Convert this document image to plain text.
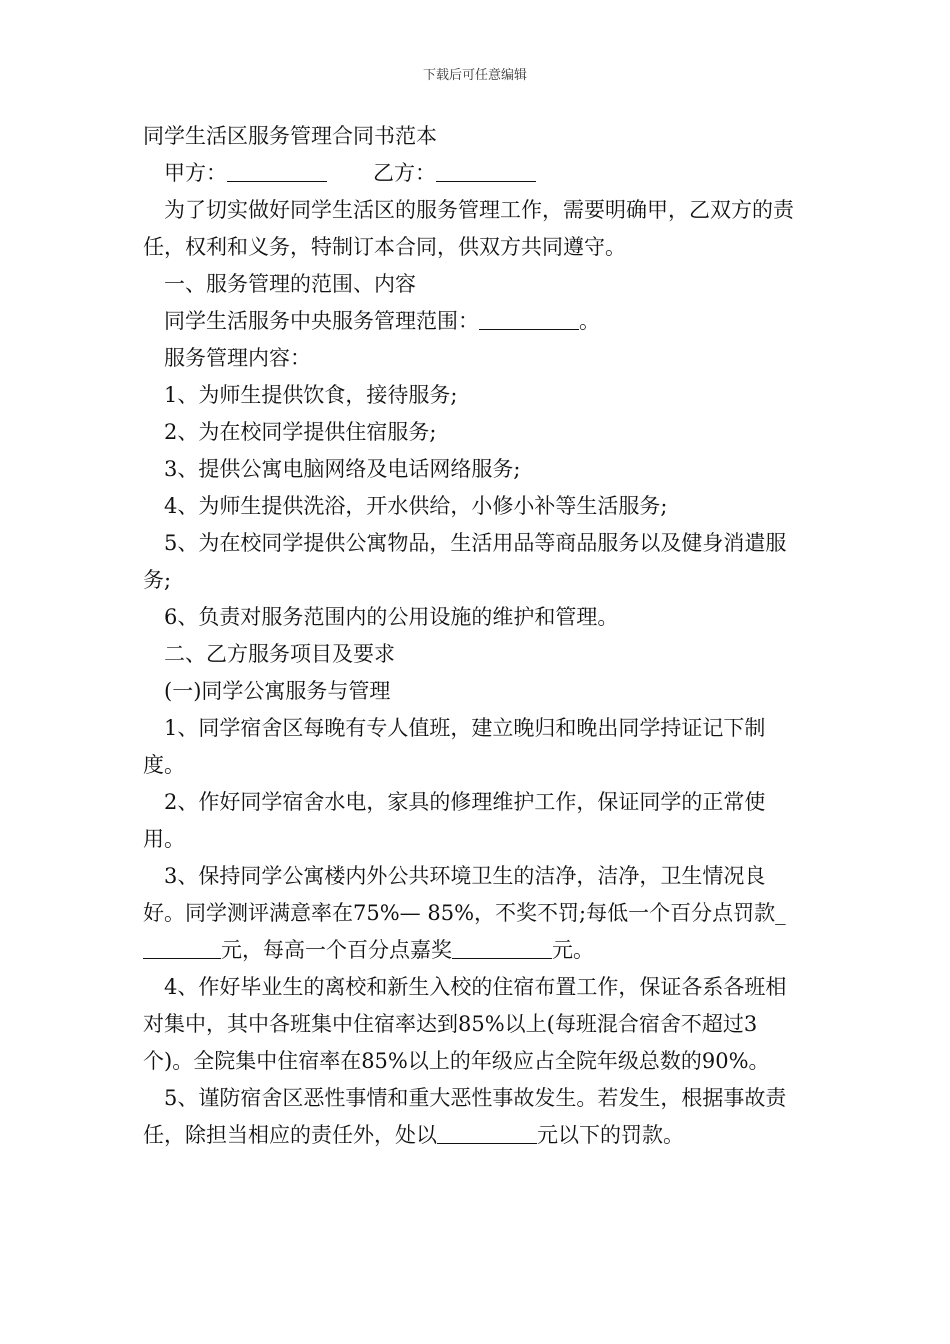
下载后可任意编辑

同学生活区服务管理合同书范本

甲方：	乙方：

为了切实做好同学生活区的服务管理工作，需要明确甲，乙双方的责任，权利和义务，特制订本合同，供双方共同遵守。

一、服务管理的范围、内容

同学生活服务中央服务管理范围：	。

服务管理内容：

1、为师生提供饮食，接待服务;

2、为在校同学提供住宿服务;

3、提供公寓电脑网络及电话网络服务;

4、为师生提供洗浴，开水供给，小修小补等生活服务;

5、为在校同学提供公寓物品，生活用品等商品服务以及健身消遣服务;

6、负责对服务范围内的公用设施的维护和管理。

二、乙方服务项目及要求

(一)同学公寓服务与管理

1、同学宿舍区每晚有专人值班，建立晚归和晚出同学持证记下制度。

2、作好同学宿舍水电，家具的修理维护工作，保证同学的正常使用。

3、保持同学公寓楼内外公共环境卫生的洁净，洁净，卫生情况良好。同学测评满意率在75%— 85%，不奖不罚;每低一个百分点罚款_元，每高一个百分点嘉奖	元。

4、作好毕业生的离校和新生入校的住宿布置工作，保证各系各班相对集中，其中各班集中住宿率达到85%以上(每班混合宿舍不超过3个)。全院集中住宿率在85%以上的年级应占全院年级总数的90%。

5、谨防宿舍区恶性事情和重大恶性事故发生。若发生，根据事故责任，除担当相应的责任外，处以	元以下的罚款。
